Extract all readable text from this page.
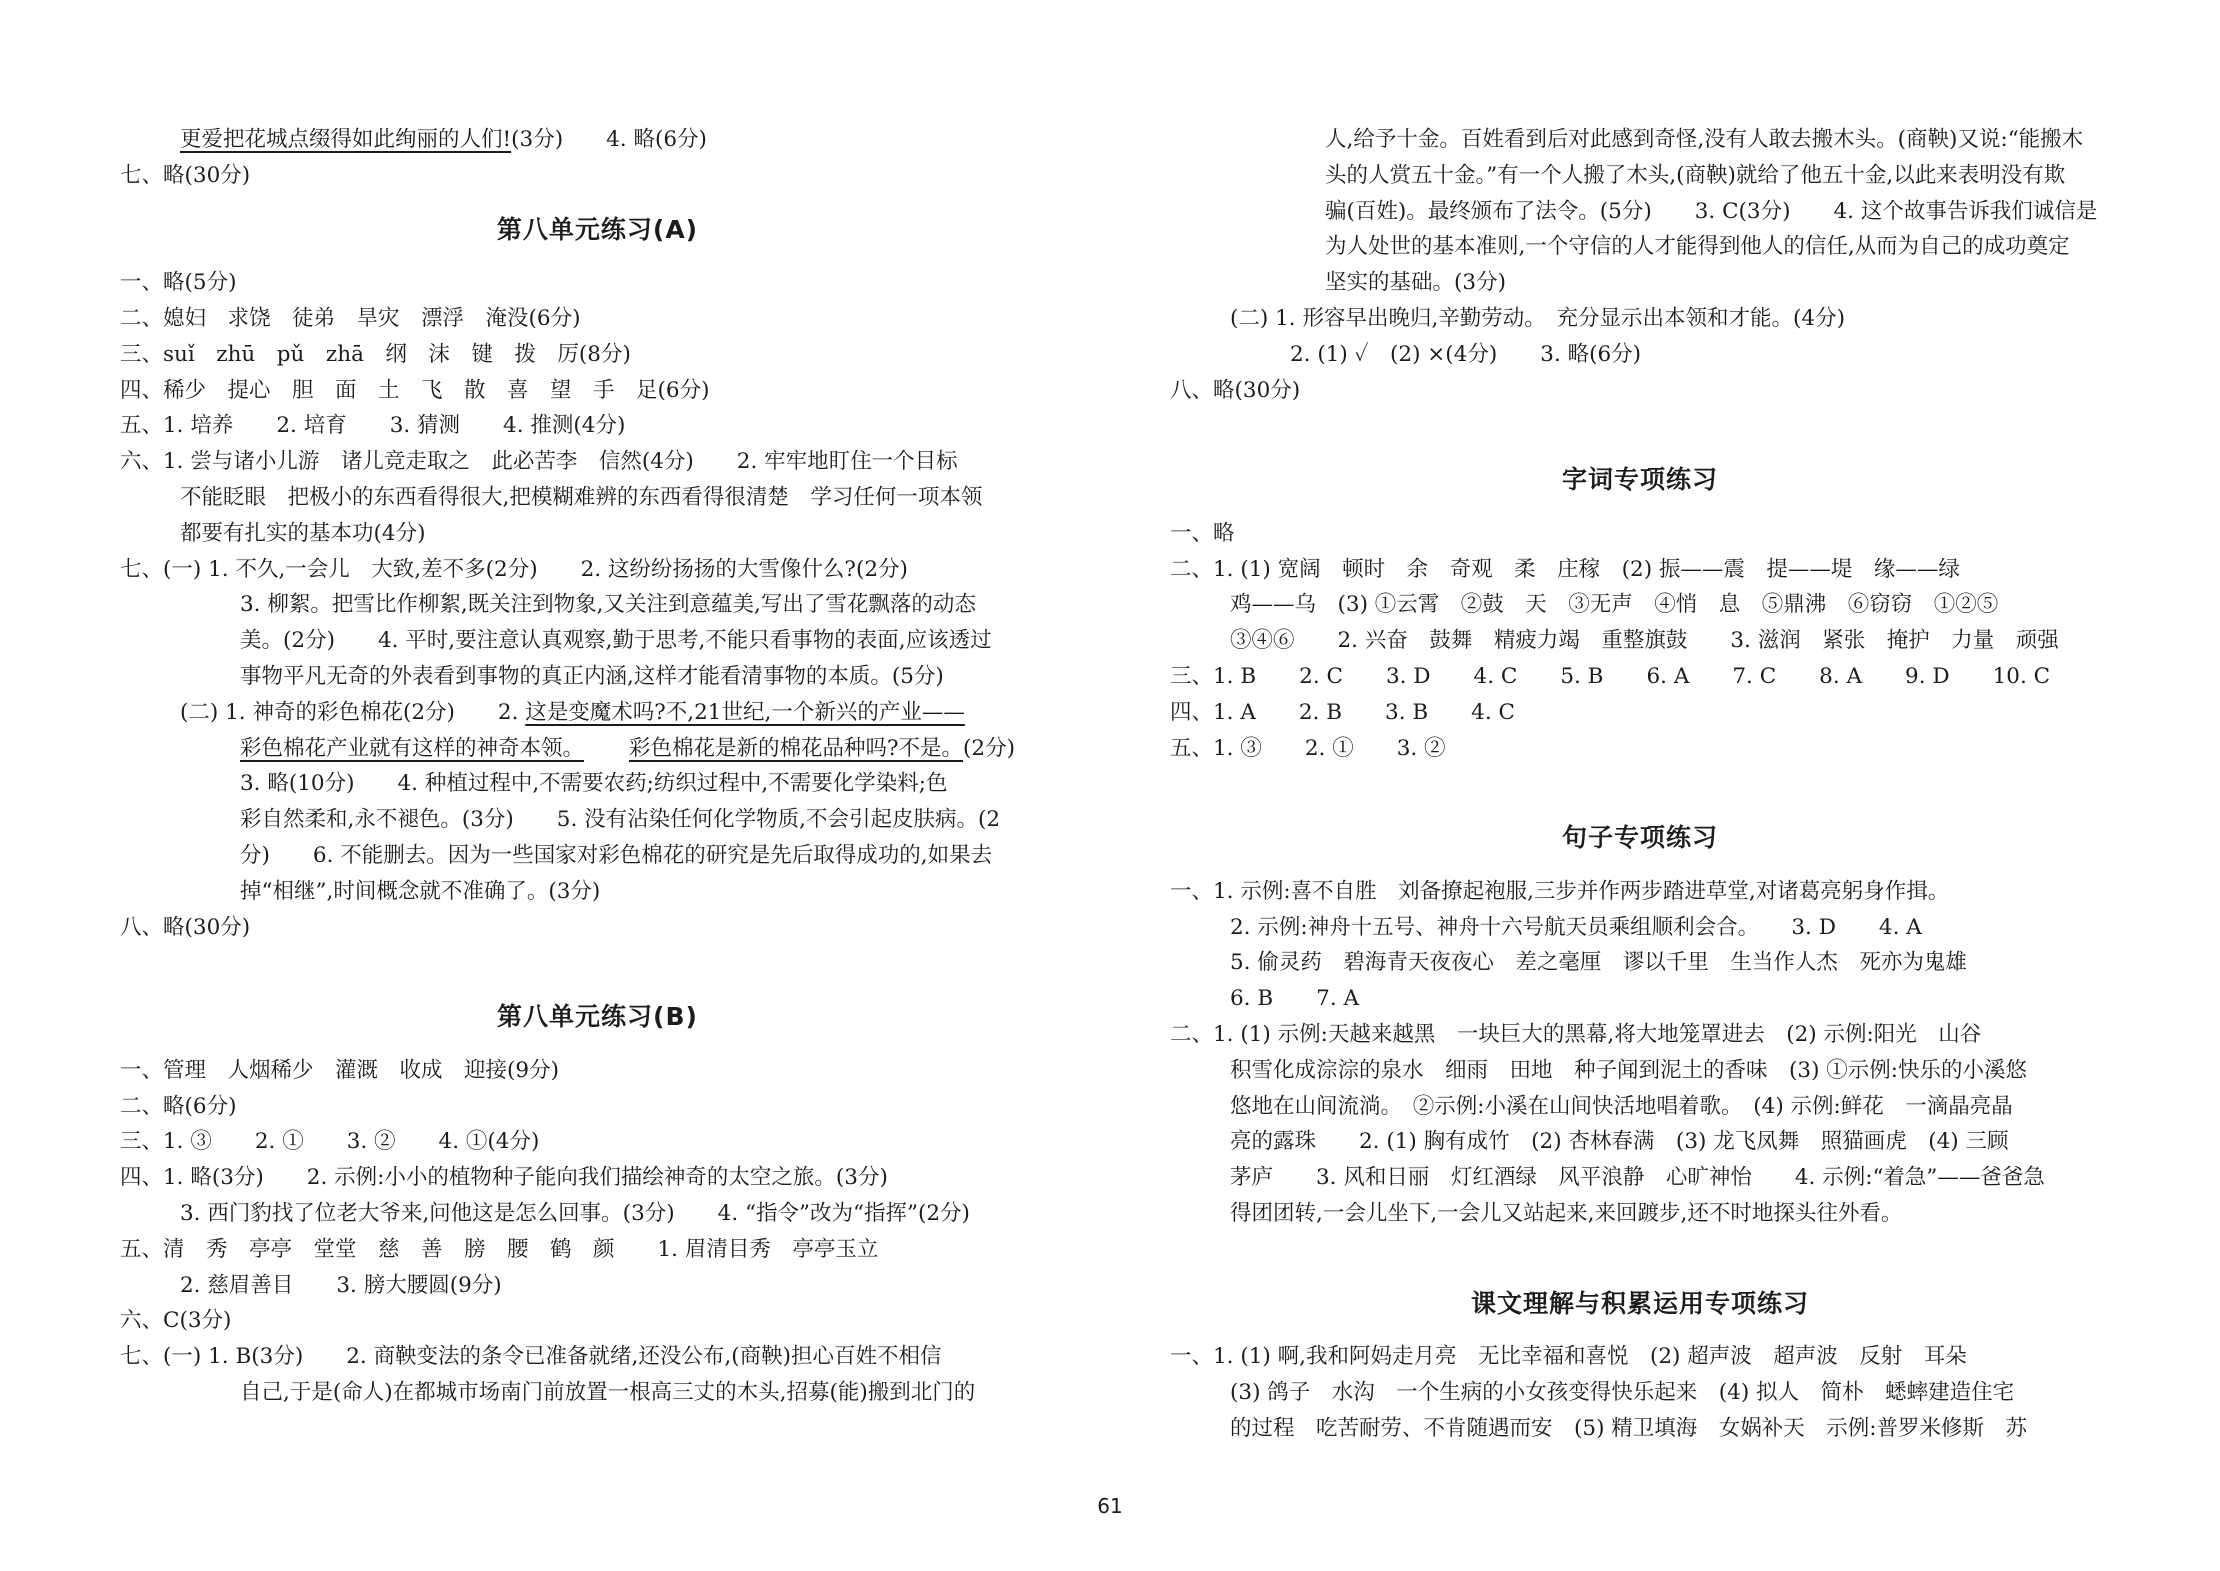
更爱把花城点缀得如此绚丽的人们!(3分)　　4. 略(6分)
七、略(30分)
第八单元练习(A)
一、略(5分)
二、媳妇　求饶　徒弟　旱灾　漂浮　淹没(6分)
三、suǐ　zhū　pǔ　zhā　纲　沫　键　拨　厉(8分)
四、稀少　提心　胆　面　土　飞　散　喜　望　手　足(6分)
五、1. 培养　　2. 培育　　3. 猜测　　4. 推测(4分)
六、1. 尝与诸小儿游　诸儿竞走取之　此必苦李　信然(4分)　　2. 牢牢地盯住一个目标
不能眨眼　把极小的东西看得很大,把模糊难辨的东西看得很清楚　学习任何一项本领
都要有扎实的基本功(4分)
七、(一) 1. 不久,一会儿　大致,差不多(2分)　　2. 这纷纷扬扬的大雪像什么?(2分)
3. 柳絮。把雪比作柳絮,既关注到物象,又关注到意蕴美,写出了雪花飘落的动态
美。(2分)　　4. 平时,要注意认真观察,勤于思考,不能只看事物的表面,应该透过
事物平凡无奇的外表看到事物的真正内涵,这样才能看清事物的本质。(5分)
(二) 1. 神奇的彩色棉花(2分)　　2. 这是变魔术吗?不,21世纪,一个新兴的产业——
彩色棉花产业就有这样的神奇本领。 彩色棉花是新的棉花品种吗?不是。(2分)
3. 略(10分)　　4. 种植过程中,不需要农药;纺织过程中,不需要化学染料;色
彩自然柔和,永不褪色。(3分)　　5. 没有沾染任何化学物质,不会引起皮肤病。(2
分)　　6. 不能删去。因为一些国家对彩色棉花的研究是先后取得成功的,如果去
掉“相继”,时间概念就不准确了。(3分)
八、略(30分)
第八单元练习(B)
一、管理　人烟稀少　灌溉　收成　迎接(9分)
二、略(6分)
三、1. ③　　2. ①　　3. ②　　4. ①(4分)
四、1. 略(3分)　　2. 示例:小小的植物种子能向我们描绘神奇的太空之旅。(3分)
3. 西门豹找了位老大爷来,问他这是怎么回事。(3分)　　4. “指令”改为“指挥”(2分)
五、清　秀　亭亭　堂堂　慈　善　膀　腰　鹤　颜　　1. 眉清目秀　亭亭玉立
2. 慈眉善目　　3. 膀大腰圆(9分)
六、C(3分)
七、(一) 1. B(3分)　　2. 商鞅变法的条令已准备就绪,还没公布,(商鞅)担心百姓不相信
自己,于是(命人)在都城市场南门前放置一根高三丈的木头,招募(能)搬到北门的
人,给予十金。百姓看到后对此感到奇怪,没有人敢去搬木头。(商鞅)又说:“能搬木
头的人赏五十金。”有一个人搬了木头,(商鞅)就给了他五十金,以此来表明没有欺
骗(百姓)。最终颁布了法令。(5分)　　3. C(3分)　　4. 这个故事告诉我们诚信是
为人处世的基本准则,一个守信的人才能得到他人的信任,从而为自己的成功奠定
坚实的基础。(3分)
(二) 1. 形容早出晚归,辛勤劳动。　充分显示出本领和才能。(4分)
2. (1) ✓　(2) ×(4分)　　3. 略(6分)
八、略(30分)
字词专项练习
一、略
二、1. (1) 宽阔　顿时　余　奇观　柔　庄稼　(2) 振——震　提——堤　缘——绿
鸡——乌　(3) ①云霄　②鼓　天　③无声　④悄　息　⑤鼎沸　⑥窃窃　①②⑤
③④⑥　　2. 兴奋　鼓舞　精疲力竭　重整旗鼓　　3. 滋润　紧张　掩护　力量　顽强
三、1. B　　2. C　　3. D　　4. C　　5. B　　6. A　　7. C　　8. A　　9. D　　10. C
四、1. A　　2. B　　3. B　　4. C
五、1. ③　　2. ①　　3. ②
句子专项练习
一、1. 示例:喜不自胜　刘备撩起袍服,三步并作两步踏进草堂,对诸葛亮躬身作揖。
2. 示例:神舟十五号、神舟十六号航天员乘组顺利会合。　　3. D　　4. A
5. 偷灵药　碧海青天夜夜心　差之毫厘　谬以千里　生当作人杰　死亦为鬼雄
6. B　　7. A
二、1. (1) 示例:天越来越黑　一块巨大的黑幕,将大地笼罩进去　(2) 示例:阳光　山谷
积雪化成淙淙的泉水　细雨　田地　种子闻到泥土的香味　(3) ①示例:快乐的小溪悠
悠地在山间流淌。　②示例:小溪在山间快活地唱着歌。　(4) 示例:鲜花　一滴晶亮晶
亮的露珠　　2. (1) 胸有成竹　(2) 杏林春满　(3) 龙飞凤舞　照猫画虎　(4) 三顾
茅庐　　3. 风和日丽　灯红酒绿　风平浪静　心旷神怡　　4. 示例:“着急”——爸爸急
得团团转,一会儿坐下,一会儿又站起来,来回踱步,还不时地探头往外看。
课文理解与积累运用专项练习
一、1. (1) 啊,我和阿妈走月亮　无比幸福和喜悦　(2) 超声波　超声波　反射　耳朵
(3) 鸽子　水沟　一个生病的小女孩变得快乐起来　(4) 拟人　简朴　蟋蟀建造住宅
的过程　吃苦耐劳、不肯随遇而安　(5) 精卫填海　女娲补天　示例:普罗米修斯　苏
61
